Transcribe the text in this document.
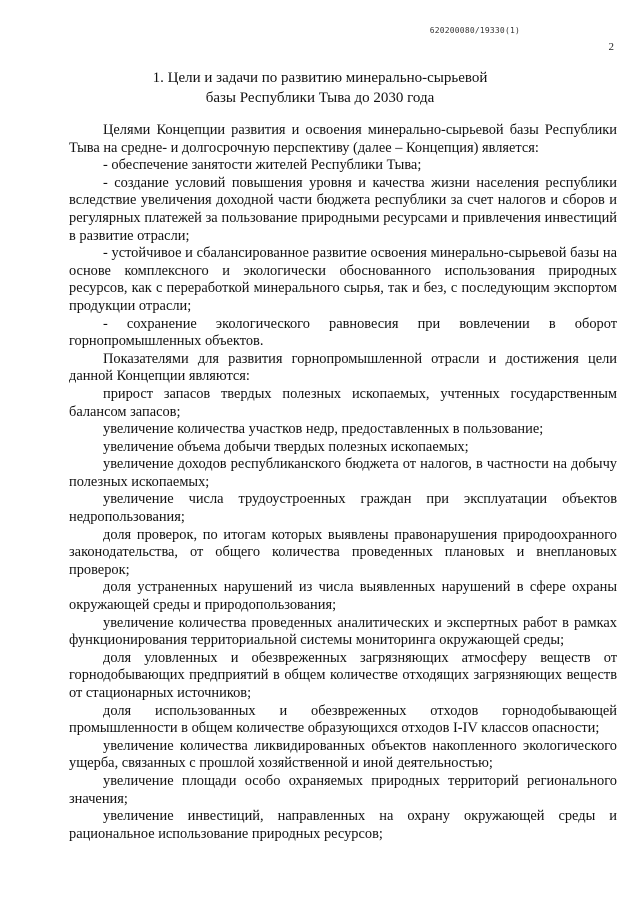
620200080/19330(1)
2
1. Цели и задачи по развитию минерально-сырьевой
базы Республики Тыва до 2030 года

Целями Концепции развития и освоения минерально-сырьевой базы Республики Тыва на средне- и долгосрочную перспективу (далее – Концепция) является:

- обеспечение занятости жителей Республики Тыва;

- создание условий повышения уровня и качества жизни населения республики вследствие увеличения доходной части бюджета республики за счет налогов и сборов и регулярных платежей за пользование природными ресурсами и привлечения инвестиций в развитие отрасли;

- устойчивое и сбалансированное развитие освоения минерально-сырьевой базы на основе комплексного и экологически обоснованного использования природных ресурсов, как с переработкой минерального сырья, так и без, с последующим экспортом продукции отрасли;

- сохранение экологического равновесия при вовлечении в оборот горнопромышленных объектов.

Показателями для развития горнопромышленной отрасли и достижения цели данной Концепции являются:

прирост запасов твердых полезных ископаемых, учтенных государственным балансом запасов;

увеличение количества участков недр, предоставленных в пользование;

увеличение объема добычи твердых полезных ископаемых;

увеличение доходов республиканского бюджета от налогов, в частности на добычу полезных ископаемых;

увеличение числа трудоустроенных граждан при эксплуатации объектов недропользования;

доля проверок, по итогам которых выявлены правонарушения природоохранного законодательства, от общего количества проведенных плановых и внеплановых проверок;

доля устраненных нарушений из числа выявленных нарушений в сфере охраны окружающей среды и природопользования;

увеличение количества проведенных аналитических и экспертных работ в рамках функционирования территориальной системы мониторинга окружающей среды;

доля уловленных и обезвреженных загрязняющих атмосферу веществ от горнодобывающих предприятий в общем количестве отходящих загрязняющих веществ от стационарных источников;

доля использованных и обезвреженных отходов горнодобывающей промышленности в общем количестве образующихся отходов I-IV классов опасности;

увеличение количества ликвидированных объектов накопленного экологического ущерба, связанных с прошлой хозяйственной и иной деятельностью;

увеличение площади особо охраняемых природных территорий регионального значения;

увеличение инвестиций, направленных на охрану окружающей среды и рациональное использование природных ресурсов;
